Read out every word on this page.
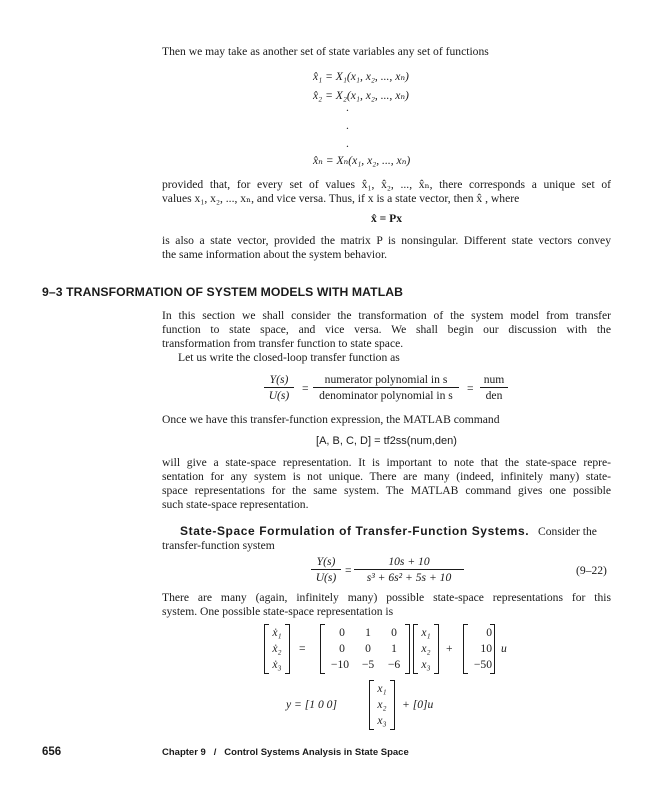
Then we may take as another set of state variables any set of functions
x̂₁ = X₁(x₁, x₂, ..., xₙ)
x̂₂ = X₂(x₁, x₂, ..., xₙ)
.
.
.
x̂ₙ = Xₙ(x₁, x₂, ..., xₙ)
provided that, for every set of values x̂₁, x̂₂, ..., x̂ₙ, there corresponds a unique set of
values x₁, x₂, ..., xₙ, and vice versa. Thus, if x is a state vector, then x̂ , where
x̂ = Px
is also a state vector, provided the matrix P is nonsingular. Different state vectors convey
the same information about the system behavior.
9–3 TRANSFORMATION OF SYSTEM MODELS WITH MATLAB
In this section we shall consider the transformation of the system model from transfer
function to state space, and vice versa. We shall begin our discussion with the
transformation from transfer function to state space.
Let us write the closed-loop transfer function as
$\frac{Y(s)}{U(s)}$ =
numerator polynomial in s
denominator polynomial in s
=
num
den
Once we have this transfer-function expression, the MATLAB command
[A, B, C, D] = tf2ss(num,den)
will give a state-space representation. It is important to note that the state-space repre-
sentation for any system is not unique. There are many (indeed, infinitely many) state-
space representations for the same system. The MATLAB command gives one possible
such state-space representation.
State-Space Formulation of Transfer-Function Systems. Consider the
transfer-function system
$\frac{Y(s)}{U(s)} = \frac{10s + 10}{\text{s³ + 6s² + 5s + 10}}$	(9–22)
There are many (again, infinitely many) possible state-space representations for this
system. One possible state-space representation is
ẋ₁
ẋ₂
ẋ₃
=
0	1	0
0	0	1
−10	−5	−6
x₁
x₂
x₃
+
0
10
−50
u
y = [1 0 0]
x₁
x₂
x₃
+ [0]u
656	Chapter 9   /   Control Systems Analysis in State Space
